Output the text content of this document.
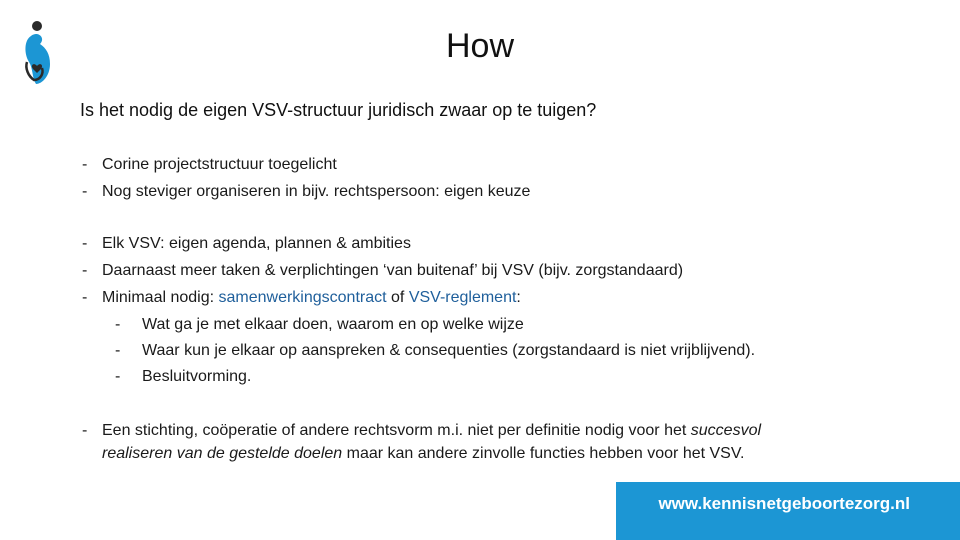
How
Is het nodig de eigen VSV-structuur juridisch zwaar op te tuigen?
- Corine projectstructuur toegelicht
- Nog steviger organiseren in bijv. rechtspersoon: eigen keuze
- Elk VSV: eigen agenda, plannen & ambities
- Daarnaast meer taken & verplichtingen ‘van buitenaf’ bij VSV (bijv. zorgstandaard)
- Minimaal nodig: samenwerkingscontract of VSV-reglement:
- Wat ga je met elkaar doen, waarom en op welke wijze
- Waar kun je elkaar op aanspreken & consequenties (zorgstandaard is niet vrijblijvend).
- Besluitvorming.
- Een stichting, coöperatie of andere rechtsvorm m.i. niet per definitie nodig voor het succesvol
realiseren van de gestelde doelen maar kan andere zinvolle functies hebben voor het VSV.
www.kennisnetgeboortezorg.nl
